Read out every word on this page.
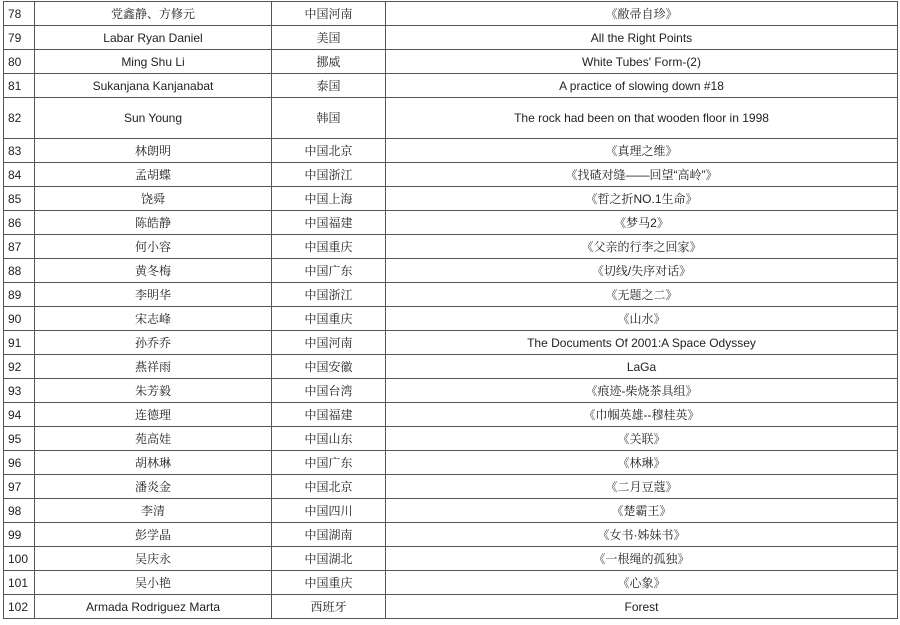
78	党鑫静、方修元	中国河南	《敝帚自珍》
79	Labar Ryan Daniel	美国	All the Right Points
80	Ming Shu Li	挪威	White Tubes' Form-(2)
81	Sukanjana Kanjanabat	泰国	A practice of slowing down #18
82	Sun Young	韩国	The rock had been on that wooden floor in 1998
83	林朗明	中国北京	《真理之维》
84	孟胡蝶	中国浙江	《找碴对缝——回望“高岭”》
85	饶舜	中国上海	《哲之折NO.1生命》
86	陈皓静	中国福建	《梦马2》
87	何小容	中国重庆	《父亲的行李之回家》
88	黄冬梅	中国广东	《切线/失序对话》
89	李明华	中国浙江	《无题之二》
90	宋志峰	中国重庆	《山水》
91	孙乔乔	中国河南	The Documents Of 2001:A Space Odyssey
92	燕祥雨	中国安徽	LaGa
93	朱芳毅	中国台湾	《痕迹-柴烧茶具组》
94	连德理	中国福建	《巾帼英雄--穆桂英》
95	苑高娃	中国山东	《关联》
96	胡林琳	中国广东	《林琳》
97	潘炎金	中国北京	《二月豆蔻》
98	李清	中国四川	《楚霸王》
99	彭学晶	中国湖南	《女书·姊妹书》
100	吴庆永	中国湖北	《一根绳的孤独》
101	吴小艳	中国重庆	《心象》
102	Armada Rodriguez Marta	西班牙	Forest
